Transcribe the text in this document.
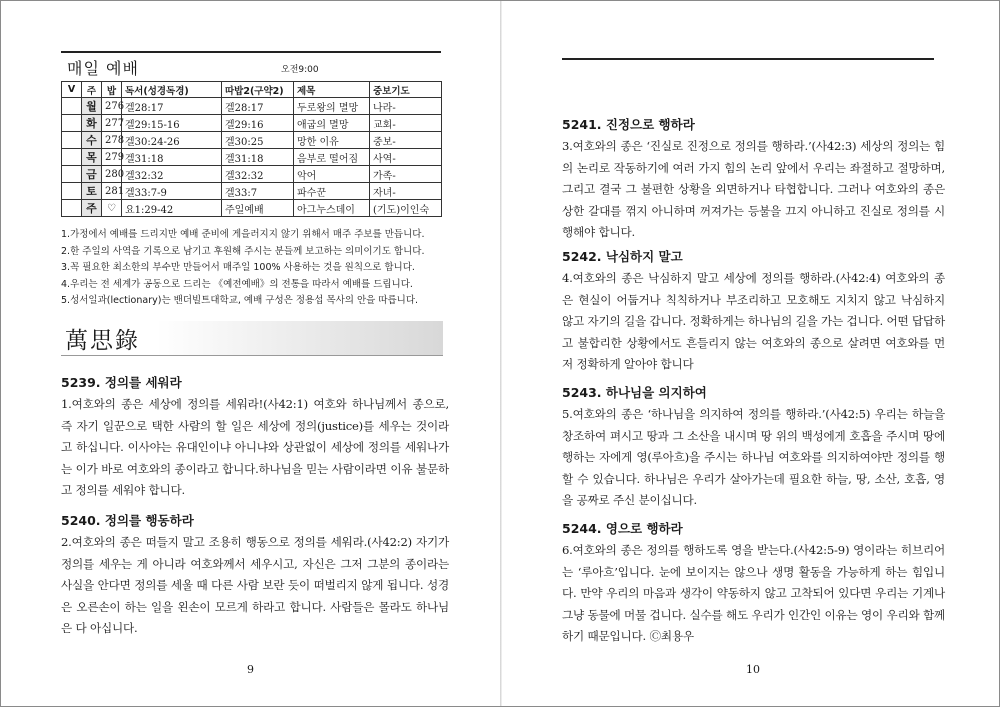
매일 예배	오전9:00
V	주	밥	독서(성경독경)	따밥2(구약2)	제목	중보기도
	월	276	겔28:17	겔28:17	두로왕의 멸망	나라-
	화	277	겔29:15-16	겔29:16	애굽의 멸망	교회-
	수	278	겔30:24-26	겔30:25	망한 이유	중보-
	목	279	겔31:18	겔31:18	음부로 떨어짐	사역-
	금	280	겔32:32	겔32:32	악어	가족-
	토	281	겔33:7-9	겔33:7	파수꾼	자녀-
	주	♡	요1:29-42	주일예배	아그누스데이	(기도)이인숙
1.가정에서 예배를 드리지만 예배 준비에 게을러지지 않기 위해서 매주 주보를 만듭니다.
2.한 주일의 사역을 기록으로 남기고 후원해 주시는 분들께 보고하는 의미이기도 합니다.
3.꼭 필요한 최소한의 부수만 만들어서 매주일 100% 사용하는 것을 원칙으로 합니다.
4.우리는 전 세계가 공동으로 드리는 《예전예배》의 전통을 따라서 예배를 드립니다.
5.성서일과(lectionary)는 밴더빌트대학교, 예배 구성은 정용섭 목사의 안을 따릅니다.
萬思錄
5239. 정의를 세워라

1.여호와의 종은 세상에 정의를 세워라!(사42:1) 여호와 하나님께서 종으로, 즉 자기 일꾼으로 택한 사람의 할 일은 세상에 정의(justice)를 세우는 것이라고 하십니다. 이사야는 유대인이냐 아니냐와 상관없이 세상에 정의를 세워나가는 이가 바로 여호와의 종이라고 합니다.하나님을 믿는 사람이라면 이유 불문하고 정의를 세워야 합니다.

5240. 정의를 행동하라

2.여호와의 종은 떠들지 말고 조용히 행동으로 정의를 세워라.(사42:2) 자기가 정의를 세우는 게 아니라 여호와께서 세우시고, 자신은 그저 그분의 종이라는 사실을 안다면 정의를 세울 때 다른 사람 보란 듯이 떠벌리지 않게 됩니다. 성경은 오른손이 하는 일을 왼손이 모르게 하라고 합니다. 사람들은 몰라도 하나님은 다 아십니다.

9
5241. 진정으로 행하라

3.여호와의 종은 ‘진실로 진정으로 정의를 행하라.’(사42:3) 세상의 정의는 힘의 논리로 작동하기에 여러 가지 힘의 논리 앞에서 우리는 좌절하고 절망하며, 그리고 결국 그 불편한 상황을 외면하거나 타협합니다. 그러나 여호와의 종은 상한 갈대를 꺾지 아니하며 꺼져가는 등불을 끄지 아니하고 진실로 정의를 시행해야 합니다.

5242. 낙심하지 말고

4.여호와의 종은 낙심하지 말고 세상에 정의를 행하라.(사42:4) 여호와의 종은 현실이 어둡거나 칙칙하거나 부조리하고 모호해도 지치지 않고 낙심하지 않고 자기의 길을 갑니다. 정확하게는 하나님의 길을 가는 겁니다. 어떤 답답하고 불합리한 상황에서도 흔들리지 않는 여호와의 종으로 살려면 여호와를 먼저 정확하게 알아야 합니다

5243. 하나님을 의지하여

5.여호와의 종은 ‘하나님을 의지하여 정의를 행하라.’(사42:5) 우리는 하늘을 창조하여 펴시고 땅과 그 소산을 내시며 땅 위의 백성에게 호흡을 주시며 땅에 행하는 자에게 영(루아흐)을 주시는 하나님 여호와를 의지하여야만 정의를 행할 수 있습니다. 하나님은 우리가 살아가는데 필요한 하늘, 땅, 소산, 호흡, 영을 공짜로 주신 분이십니다.

5244. 영으로 행하라

6.여호와의 종은 정의를 행하도록 영을 받는다.(사42:5-9) 영이라는 히브리어는 ‘루아흐’입니다. 눈에 보이지는 않으나 생명 활동을 가능하게 하는 힘입니다. 만약 우리의 마음과 생각이 약동하지 않고 고착되어 있다면 우리는 기계나 그냥 동물에 머물 겁니다. 실수를 해도 우리가 인간인 이유는 영이 우리와 함께하기 때문입니다. Ⓒ최용우

10
